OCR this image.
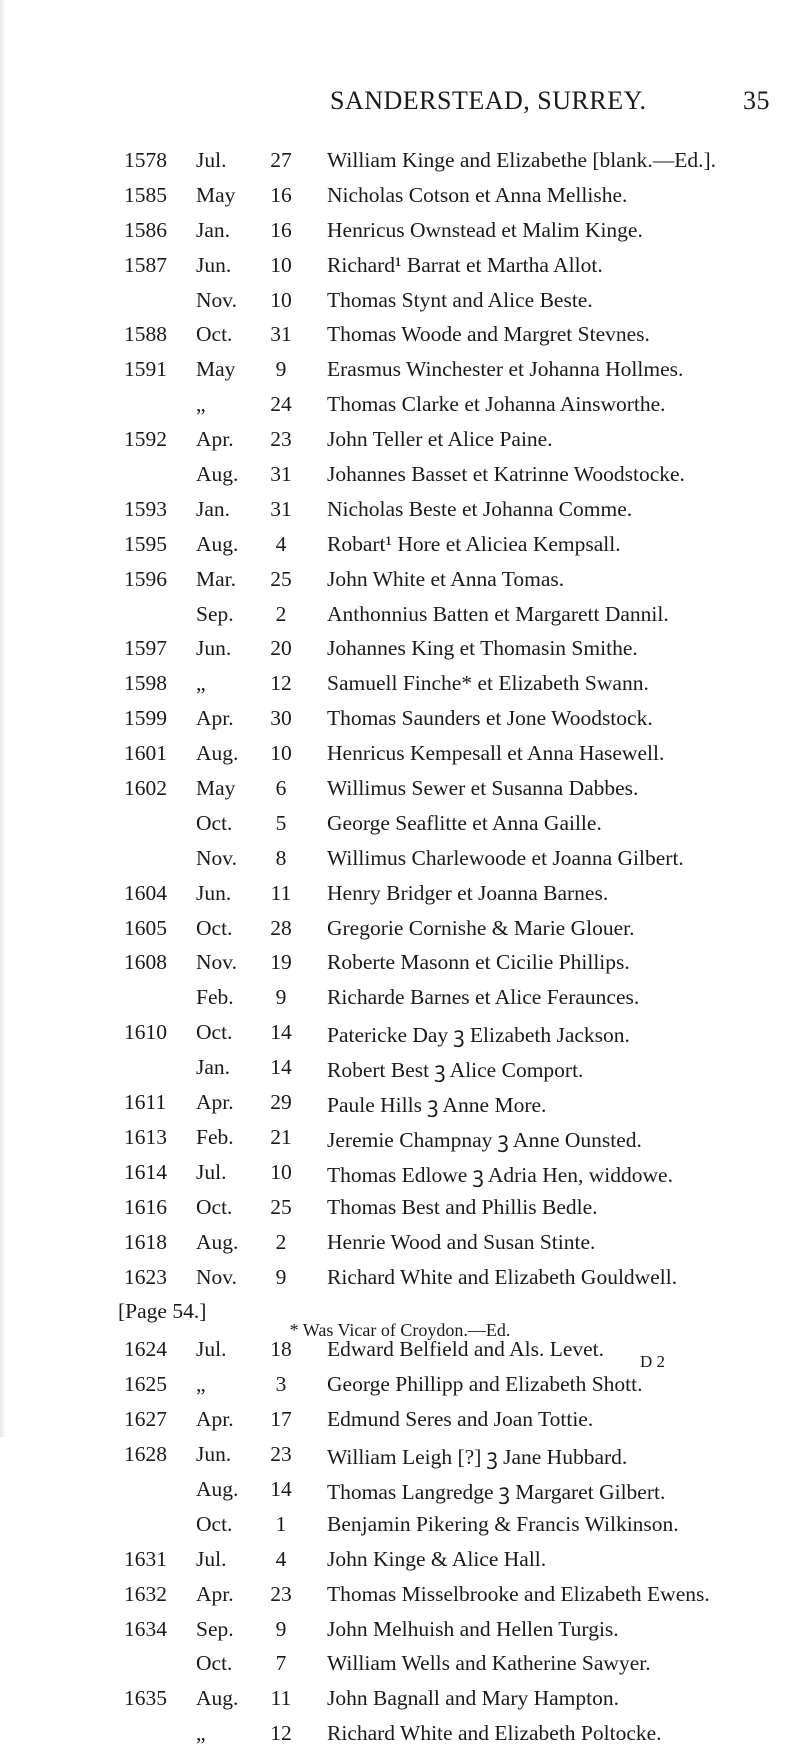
SANDERSTEAD, SURREY.	35
1578 Jul.	27	William Kinge and Elizabethe [blank.—Ed.].
1585 May	16	Nicholas Cotson et Anna Mellishe.
1586 Jan.	16	Henricus Ownstead et Malim Kinge.
1587 Jun.	10	Richard¹ Barrat et Martha Allot.
Nov.	10	Thomas Stynt and Alice Beste.
1588 Oct.	31	Thomas Woode and Margret Stevnes.
1591 May	9	Erasmus Winchester et Johanna Hollmes.
„	24	Thomas Clarke et Johanna Ainsworthe.
1592 Apr.	23	John Teller et Alice Paine.
Aug.	31	Johannes Basset et Katrinne Woodstocke.
1593 Jan.	31	Nicholas Beste et Johanna Comme.
1595 Aug.	4	Robart¹ Hore et Aliciea Kempsall.
1596 Mar.	25	John White et Anna Tomas.
Sep.	2	Anthonnius Batten et Margarett Dannil.
1597 Jun.	20	Johannes King et Thomasin Smithe.
1598 „	12	Samuell Finche* et Elizabeth Swann.
1599 Apr.	30	Thomas Saunders et Jone Woodstock.
1601 Aug.	10	Henricus Kempesall et Anna Hasewell.
1602 May	6	Willimus Sewer et Susanna Dabbes.
Oct.	5	George Seaflitte et Anna Gaille.
Nov.	8	Willimus Charlewoode et Joanna Gilbert.
1604 Jun.	11	Henry Bridger et Joanna Barnes.
1605 Oct.	28	Gregorie Cornishe & Marie Glouer.
1608 Nov.	19	Roberte Masonn et Cicilie Phillips.
Feb.	9	Richarde Barnes et Alice Feraunces.
1610 Oct.	14	Patericke Day ꝫ Elizabeth Jackson.
Jan.	14	Robert Best ꝫ Alice Comport.
1611 Apr.	29	Paule Hills ꝫ Anne More.
1613 Feb.	21	Jeremie Champnay ꝫ Anne Ounsted.
1614 Jul.	10	Thomas Edlowe ꝫ Adria Hen, widdowe.
1616 Oct.	25	Thomas Best and Phillis Bedle.
1618 Aug.	2	Henrie Wood and Susan Stinte.
1623 Nov.	9	Richard White and Elizabeth Gouldwell.
[Page 54.]
1624 Jul.	18	Edward Belfield and Als. Levet.
1625 „	3	George Phillipp and Elizabeth Shott.
1627 Apr.	17	Edmund Seres and Joan Tottie.
1628 Jun.	23	William Leigh [?] ꝫ Jane Hubbard.
Aug.	14	Thomas Langredge ꝫ Margaret Gilbert.
Oct.	1	Benjamin Pikering & Francis Wilkinson.
1631 Jul.	4	John Kinge & Alice Hall.
1632 Apr.	23	Thomas Misselbrooke and Elizabeth Ewens.
1634 Sep.	9	John Melhuish and Hellen Turgis.
Oct.	7	William Wells and Katherine Sawyer.
1635 Aug.	11	John Bagnall and Mary Hampton.
„	12	Richard White and Elizabeth Poltocke.
* Was Vicar of Croydon.—Ed.
D 2
